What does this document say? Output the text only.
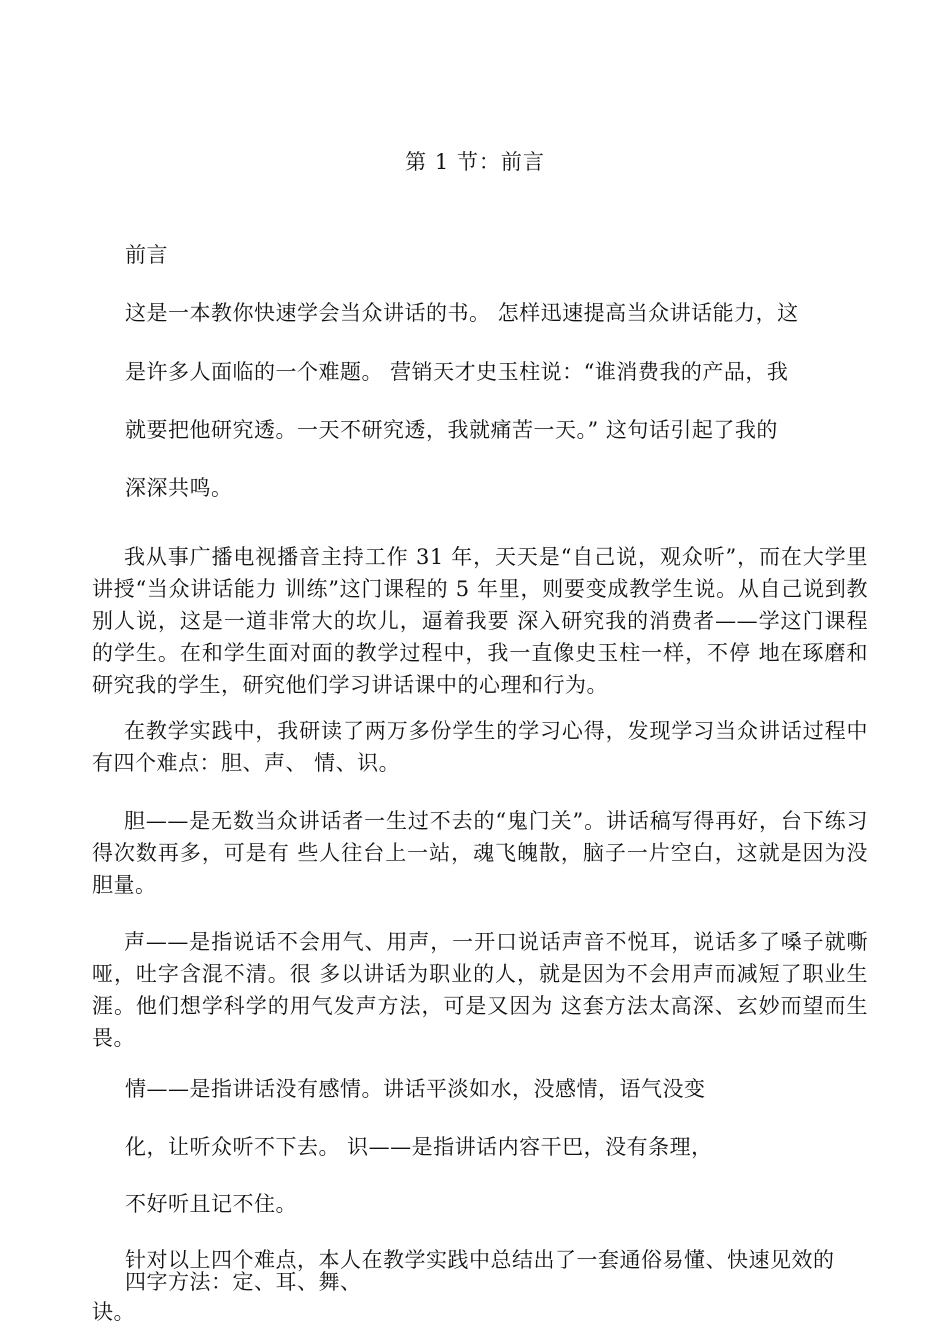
第 1 节：前言
前言
这是一本教你快速学会当众讲话的书。 怎样迅速提高当众讲话能力，这
是许多人面临的一个难题。 营销天才史玉柱说：“谁消费我的产品，我
就要把他研究透。一天不研究透，我就痛苦一天。” 这句话引起了我的
深深共鸣。
我从事广播电视播音主持工作 31 年，天天是“自己说，观众听”，而在大学里讲授“当众讲话能力 训练”这门课程的 5 年里，则要变成教学生说。从自己说到教别人说，这是一道非常大的坎儿，逼着我要 深入研究我的消费者——学这门课程的学生。在和学生面对面的教学过程中，我一直像史玉柱一样，不停 地在琢磨和研究我的学生，研究他们学习讲话课中的心理和行为。
在教学实践中，我研读了两万多份学生的学习心得，发现学习当众讲话过程中有四个难点：胆、声、 情、识。
胆——是无数当众讲话者一生过不去的“鬼门关”。讲话稿写得再好，台下练习得次数再多，可是有 些人往台上一站，魂飞魄散，脑子一片空白，这就是因为没胆量。
声——是指说话不会用气、用声，一开口说话声音不悦耳，说话多了嗓子就嘶哑，吐字含混不清。很 多以讲话为职业的人，就是因为不会用声而减短了职业生涯。他们想学科学的用气发声方法，可是又因为 这套方法太高深、玄妙而望而生畏。
情——是指讲话没有感情。讲话平淡如水，没感情，语气没变
化，让听众听不下去。 识——是指讲话内容干巴，没有条理，
不好听且记不住。
针对以上四个难点，本人在教学实践中总结出了一套通俗易懂、快速见效的
四字方法：定、耳、舞、
诀。
